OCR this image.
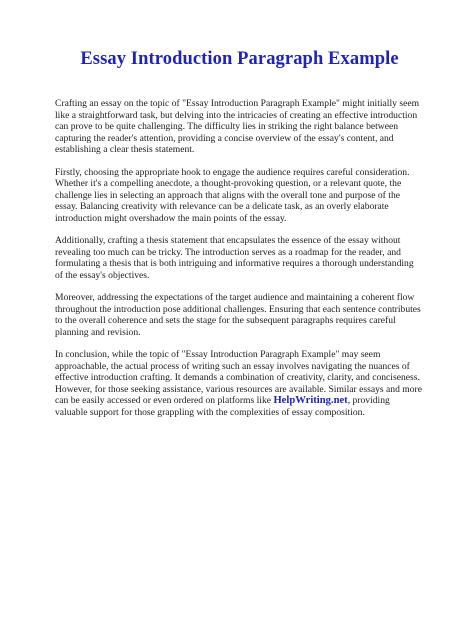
Essay Introduction Paragraph Example

Crafting an essay on the topic of "Essay Introduction Paragraph Example" might initially seem like a straightforward task, but delving into the intricacies of creating an effective introduction can prove to be quite challenging. The difficulty lies in striking the right balance between capturing the reader's attention, providing a concise overview of the essay's content, and establishing a clear thesis statement.

Firstly, choosing the appropriate hook to engage the audience requires careful consideration. Whether it's a compelling anecdote, a thought-provoking question, or a relevant quote, the challenge lies in selecting an approach that aligns with the overall tone and purpose of the essay. Balancing creativity with relevance can be a delicate task, as an overly elaborate introduction might overshadow the main points of the essay.

Additionally, crafting a thesis statement that encapsulates the essence of the essay without revealing too much can be tricky. The introduction serves as a roadmap for the reader, and formulating a thesis that is both intriguing and informative requires a thorough understanding of the essay's objectives.

Moreover, addressing the expectations of the target audience and maintaining a coherent flow throughout the introduction pose additional challenges. Ensuring that each sentence contributes to the overall coherence and sets the stage for the subsequent paragraphs requires careful planning and revision.

In conclusion, while the topic of "Essay Introduction Paragraph Example" may seem approachable, the actual process of writing such an essay involves navigating the nuances of effective introduction crafting. It demands a combination of creativity, clarity, and conciseness. However, for those seeking assistance, various resources are available. Similar essays and more can be easily accessed or even ordered on platforms like HelpWriting.net, providing valuable support for those grappling with the complexities of essay composition.
